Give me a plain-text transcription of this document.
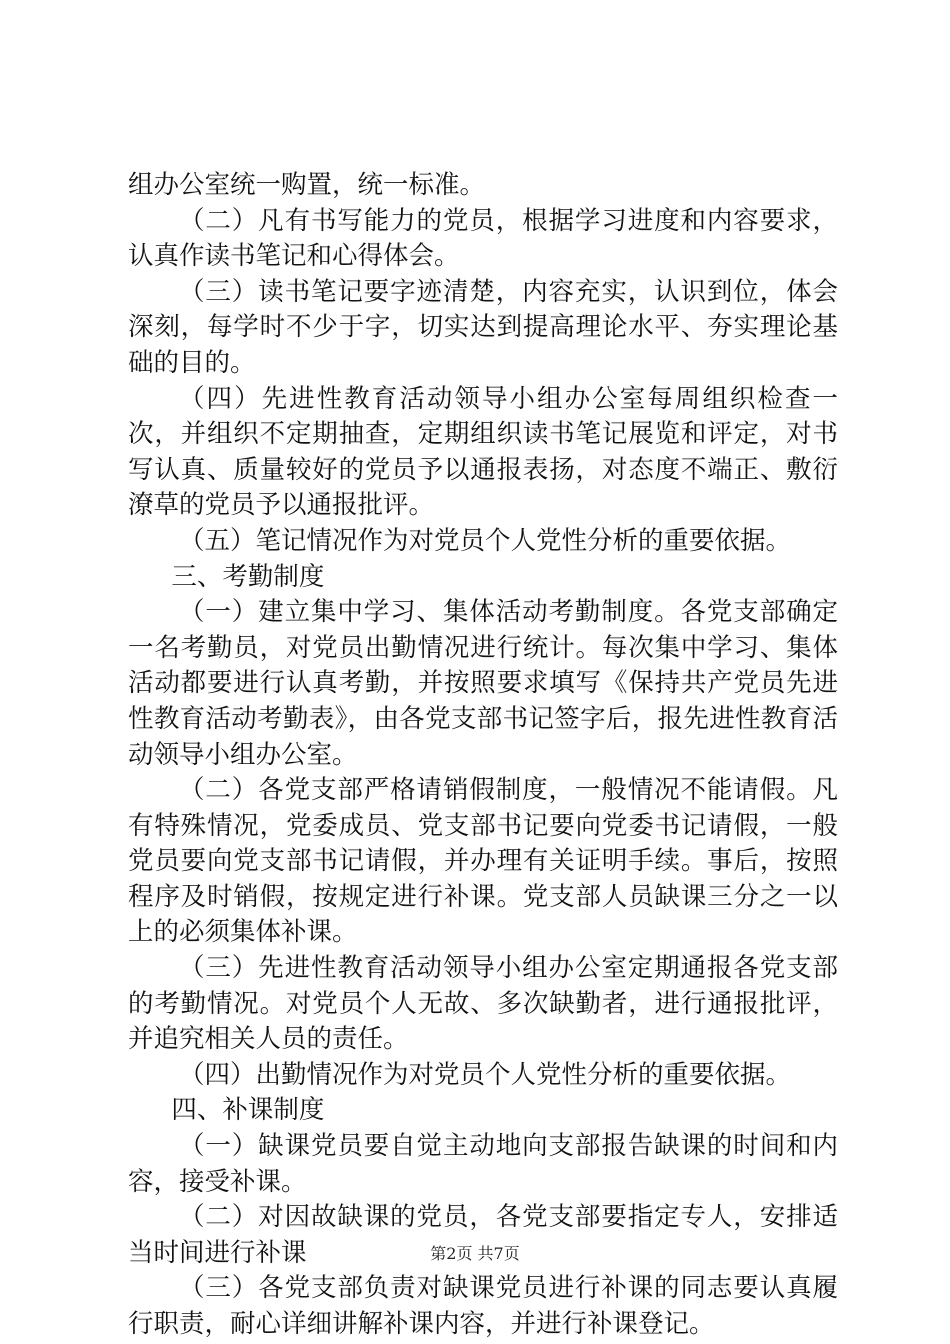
组办公室统一购置，统一标准。

（二）凡有书写能力的党员，根据学习进度和内容要求，认真作读书笔记和心得体会。

（三）读书笔记要字迹清楚，内容充实，认识到位，体会深刻，每学时不少于字，切实达到提高理论水平、夯实理论基础的目的。

（四）先进性教育活动领导小组办公室每周组织检查一次，并组织不定期抽查，定期组织读书笔记展览和评定，对书写认真、质量较好的党员予以通报表扬，对态度不端正、敷衍潦草的党员予以通报批评。

（五）笔记情况作为对党员个人党性分析的重要依据。

三、考勤制度

（一）建立集中学习、集体活动考勤制度。各党支部确定一名考勤员，对党员出勤情况进行统计。每次集中学习、集体活动都要进行认真考勤，并按照要求填写《保持共产党员先进性教育活动考勤表》，由各党支部书记签字后，报先进性教育活动领导小组办公室。

（二）各党支部严格请销假制度，一般情况不能请假。凡有特殊情况，党委成员、党支部书记要向党委书记请假，一般党员要向党支部书记请假，并办理有关证明手续。事后，按照程序及时销假，按规定进行补课。党支部人员缺课三分之一以上的必须集体补课。

（三）先进性教育活动领导小组办公室定期通报各党支部的考勤情况。对党员个人无故、多次缺勤者，进行通报批评，并追究相关人员的责任。

（四）出勤情况作为对党员个人党性分析的重要依据。

四、补课制度

（一）缺课党员要自觉主动地向支部报告缺课的时间和内容，接受补课。

（二）对因故缺课的党员，各党支部要指定专人，安排适当时间进行补课

（三）各党支部负责对缺课党员进行补课的同志要认真履行职责，耐心详细讲解补课内容，并进行补课登记。

第2页 共7页
